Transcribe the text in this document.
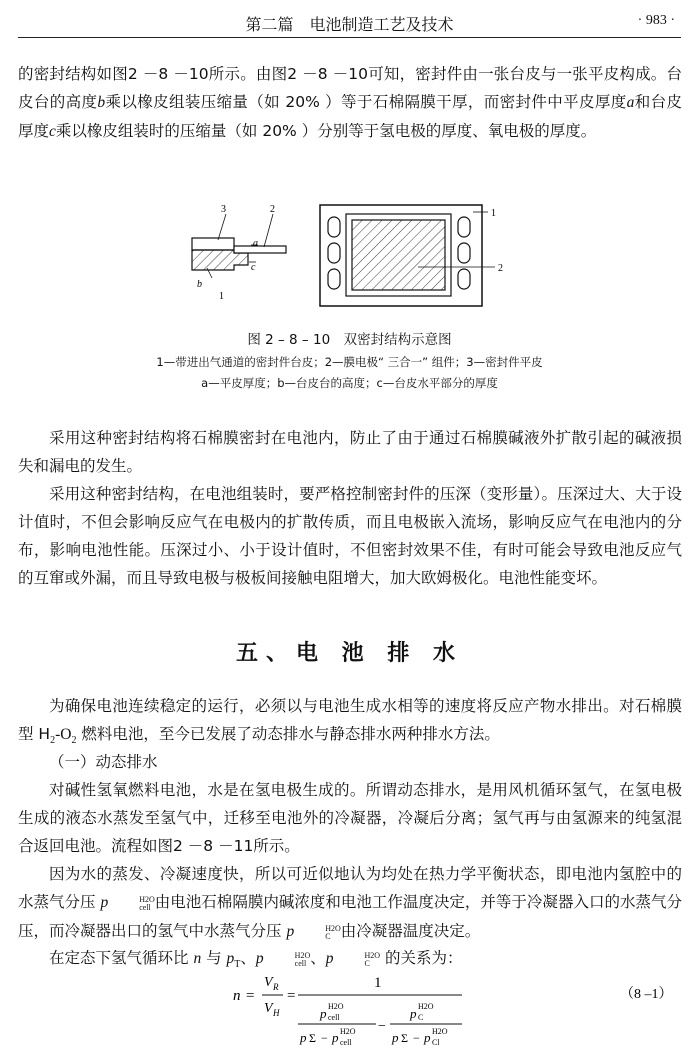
第二篇　电池制造工艺及技术	· 983 ·

的密封结构如图2 －8 －10所示。由图2 －8 －10可知，密封件由一张台皮与一张平皮构成。台皮台的高度b乘以橡皮组装压缩量（如 20% ）等于石棉隔膜干厚，而密封件中平皮厚度a和台皮厚度c乘以橡皮组装时的压缩量（如 20% ）分别等于氢电极的厚度、氧电极的厚度。

3	2
a
c
b
1
1
2

图 2 – 8 – 10　双密封结构示意图

1—带进出气通道的密封件台皮；2—膜电极“ 三合一” 组件；3—密封件平皮

a—平皮厚度；b—台皮台的高度；c—台皮水平部分的厚度

采用这种密封结构将石棉膜密封在电池内，防止了由于通过石棉膜碱液外扩散引起的碱液损失和漏电的发生。

采用这种密封结构，在电池组装时，要严格控制密封件的压深（变形量）。压深过大、大于设计值时，不但会影响反应气在电极内的扩散传质，而且电极嵌入流场，影响反应气在电池内的分布，影响电池性能。压深过小、小于设计值时，不但密封效果不佳，有时可能会导致电池反应气的互窜或外漏，而且导致电极与极板间接触电阻增大，加大欧姆极化。电池性能变坏。

五、电 池 排 水

为确保电池连续稳定的运行，必须以与电池生成水相等的速度将反应产物水排出。对石棉膜型 $H_2-O_2$ 燃料电池，至今已发展了动态排水与静态排水两种排水方法。

（一）动态排水

对碱性氢氧燃料电池，水是在氢电极生成的。所谓动态排水，是用风机循环氢气，在氢电极生成的液态水蒸发至氢气中，迁移至电池外的冷凝器，冷凝后分离；氢气再与由氢源来的纯氢混合返回电池。流程如图2 －8 －11所示。

因为水的蒸发、冷凝速度快，所以可近似地认为均处在热力学平衡状态，即电池内氢腔中的水蒸气分压 p	H2O
cell 由电池石棉隔膜内碱浓度和电池工作温度决定，并等于冷凝器入口的水蒸气分压，而冷凝器出口的氢气中水蒸气分压 p	H2O
C 由冷凝器温度决定。

在定态下氢气循环比 n 与 $p_T$、p	H2O
cell 、p	H2O
C 的关系为：

n =
V R
V H
=
1
p H2O
cell
p Σ − p H2O
cell
−
p H2O
C
p Σ − p H2O
Cl
（8 –1）
